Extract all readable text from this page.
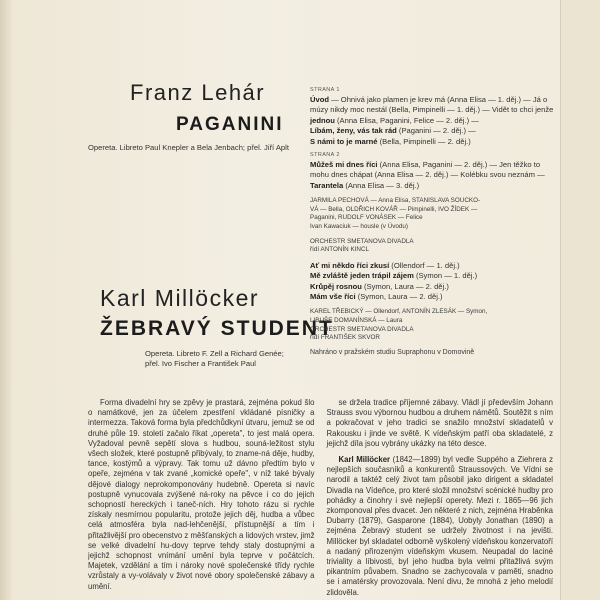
Franz Lehár
PAGANINI
Opereta. Libreto Paul Knepler a Bela Jenbach; přel. Jiří Aplt
Karl Millöcker
ŽEBRAVÝ STUDENT
Opereta. Libreto F. Zell a Richard Genée;
přel. Ivo Fischer a František Paul
STRANA 1
Úvod — Ohnivá jako plamen je krev má (Anna Elisa — 1. děj.) — Já o múzy nikdy moc nestál (Bella, Pimpinelli — 1. děj.) — Vidět to chci jenže
jednou (Anna Elisa, Paganini, Felice — 2. děj.) —
Líbám, ženy, vás tak rád (Paganini — 2. děj.) —
S námi to je marné (Bella, Pimpinelli — 2. děj.)
STRANA 2
Můžeš mi dnes říci (Anna Elisa, Paganini — 2. děj.) — Jen těžko to mohu dnes chápat (Anna Elisa — 2. děj.) — Kolébku svou neznám —
Tarantela (Anna Elisa — 3. děj.)
JARMILA PECHOVÁ — Anna Elisa, STANISLAVA SOUCKO-
VÁ — Bella, OLDŘICH KOVÁŘ — Pimpinelli, IVO ŽÍDEK —
Paganini, RUDOLF VONÁSEK — Felice
Ivan Kawaciuk — housle (v Úvodu)
ORCHESTR SMETANOVA DIVADLA
řídí ANTONÍN KINCL
Ať mi někdo říci zkusí (Ollendorf — 1. děj.)
Mě zvláště jeden trápil zájem (Symon — 1. děj.)
Krůpěj rosnou (Symon, Laura — 2. děj.)
Mám vše říci (Symon, Laura — 2. děj.)
KAREL TŘEBICKÝ — Ollendorf, ANTONÍN ZLESÁK — Symon,
LIBUŠE DOMANÍNSKÁ — Laura
ORCHESTR SMETANOVA DIVADLA
řídí FRANTIŠEK SKVOR
Nahráno v pražském studiu Supraphonu v Domovině

Forma divadelní hry se zpěvy je prastará, zejména pokud šlo o namátkové, jen za účelem zpestření vkládané písničky a intermezza. Taková forma byla předchůdkyní útvaru, jemuž se od druhé půle 19. století začalo říkat „opereta", to jest malá opera. Vyžadoval pevně sepětí slova s hudbou, souná-ležitost stylu všech složek, které postupně přibývaly, to zname-ná děje, hudby, tance, kostýmů a výpravy. Tak tomu už dávno předtím bylo v opeře, zejména v tak zvané „komické opeře", v níž také bývaly dějové dialogy neprokomponovány hudebně. Opereta si navíc postupně vynucovala zvýšené ná-roky na pěvce i co do jejich schopností hereckých i taneč-ních. Hry tohoto rázu si rychle získaly nesmírnou popularitu, protože jejich děj, hudba a vůbec celá atmosféra byla nad-lehčenější, přístupnější a tím i přitažlivější pro obecenstvo z měšťanských a lidových vrstev, jimž se velké divadelní hu-dovy teprve tehdy staly dostupnými a jejichž schopnost vnímání umění byla teprve v počátcích. Majetek, vzdělání a tím i nároky nové společenské třídy rychle vzrůstaly a vy-volávaly v život nové obory společenské zábavy a umění.

se držela tradice příjemné zábavy. Vládl jí především Johann Strauss svou výbornou hudbou a druhem námětů. Soutěžit s ním a pokračovat v jeho tradici se snažilo množství skladatelů v Rakousku i jinde ve světě. K vídeňským patří oba skladatelé, z jejichž díla jsou vybrány ukázky na této desce.

Karl Millöcker (1842—1899) byl vedle Suppého a Ziehrera z nejlepších současníků a konkurentů Straussových. Ve Vídni se narodil a taktéž celý život tam působil jako dirigent a skladatel Divadla na Vídeňce, pro které složil množství scénické hudby pro pohádky a činohry i své nejlepší operety. Mezi r. 1865—96 jich zkomponoval přes dvacet. Jen některé z nich, zejména Hraběnka Dubarry (1879), Gasparone (1884), Uobyly Jonathan (1890) a zejména Žebravý student se udržely životnost i na jevišti. Millöcker byl skladatel odborně vyškolený vídeňskou konzervatoří a nadaný přirozeným vídeňským vkusem. Neupadal do laciné triviality a líbivosti, byl jeho hudba byla velmi přitažlivá svým pikantním půvabem. Snadno se zachycovala v paměti, snadno se i amatérsky provozovala. Není divu, že mnohá z jeho melodií zlidověla.
